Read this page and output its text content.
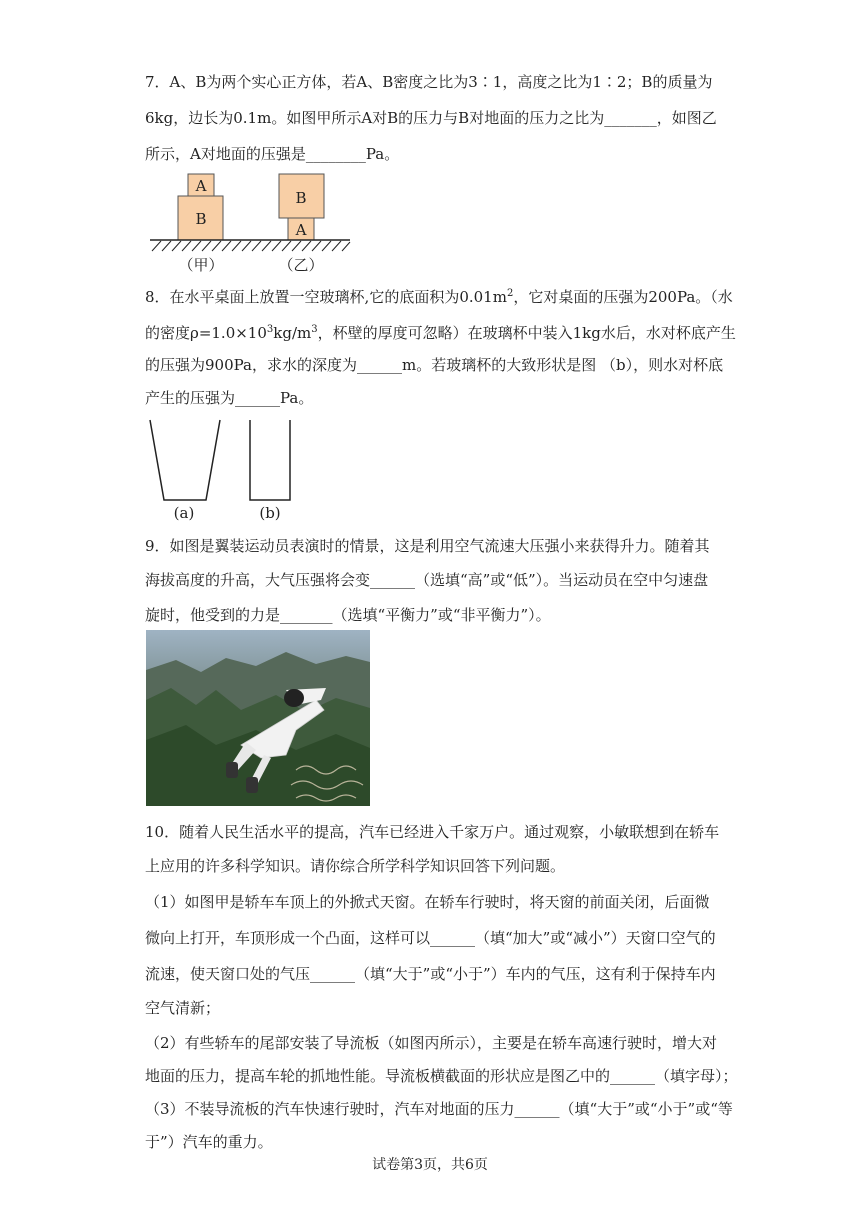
7．A、B为两个实心正方体，若A、B密度之比为3∶1，高度之比为1∶2；B的质量为
6kg，边长为0.1m。如图甲所示A对B的压力与B对地面的压力之比为_______，如图乙
所示，A对地面的压强是________Pa。
A
B
B
A
（甲）	（乙）
8．在水平桌面上放置一空玻璃杯,它的底面积为$0.01m^2$，它对桌面的压强为200Pa。（水
的密度$\rho=1.0\times 10^3kg/m^3$，杯壁的厚度可忽略）在玻璃杯中装入1kg水后，水对杯底产生
的压强为900Pa，求水的深度为______m。若玻璃杯的大致形状是图 （b），则水对杯底
产生的压强为______Pa。
(a)	(b)
9．如图是翼装运动员表演时的情景，这是利用空气流速大压强小来获得升力。随着其
海拔高度的升高，大气压强将会变______（选填“高”或“低”）。当运动员在空中匀速盘
旋时，他受到的力是_______（选填“平衡力”或“非平衡力”）。
10．随着人民生活水平的提高，汽车已经进入千家万户。通过观察，小敏联想到在轿车
上应用的许多科学知识。请你综合所学科学知识回答下列问题。
（1）如图甲是轿车车顶上的外掀式天窗。在轿车行驶时，将天窗的前面关闭，后面微
微向上打开，车顶形成一个凸面，这样可以______（填“加大”或“减小”）天窗口空气的
流速，使天窗口处的气压______（填“大于”或“小于”）车内的气压，这有利于保持车内
空气清新；
（2）有些轿车的尾部安装了导流板（如图丙所示），主要是在轿车高速行驶时，增大对
地面的压力，提高车轮的抓地性能。导流板横截面的形状应是图乙中的______（填字母）；
（3）不装导流板的汽车快速行驶时，汽车对地面的压力______（填“大于”或“小于”或“等
于”）汽车的重力。
试卷第3页，共6页
